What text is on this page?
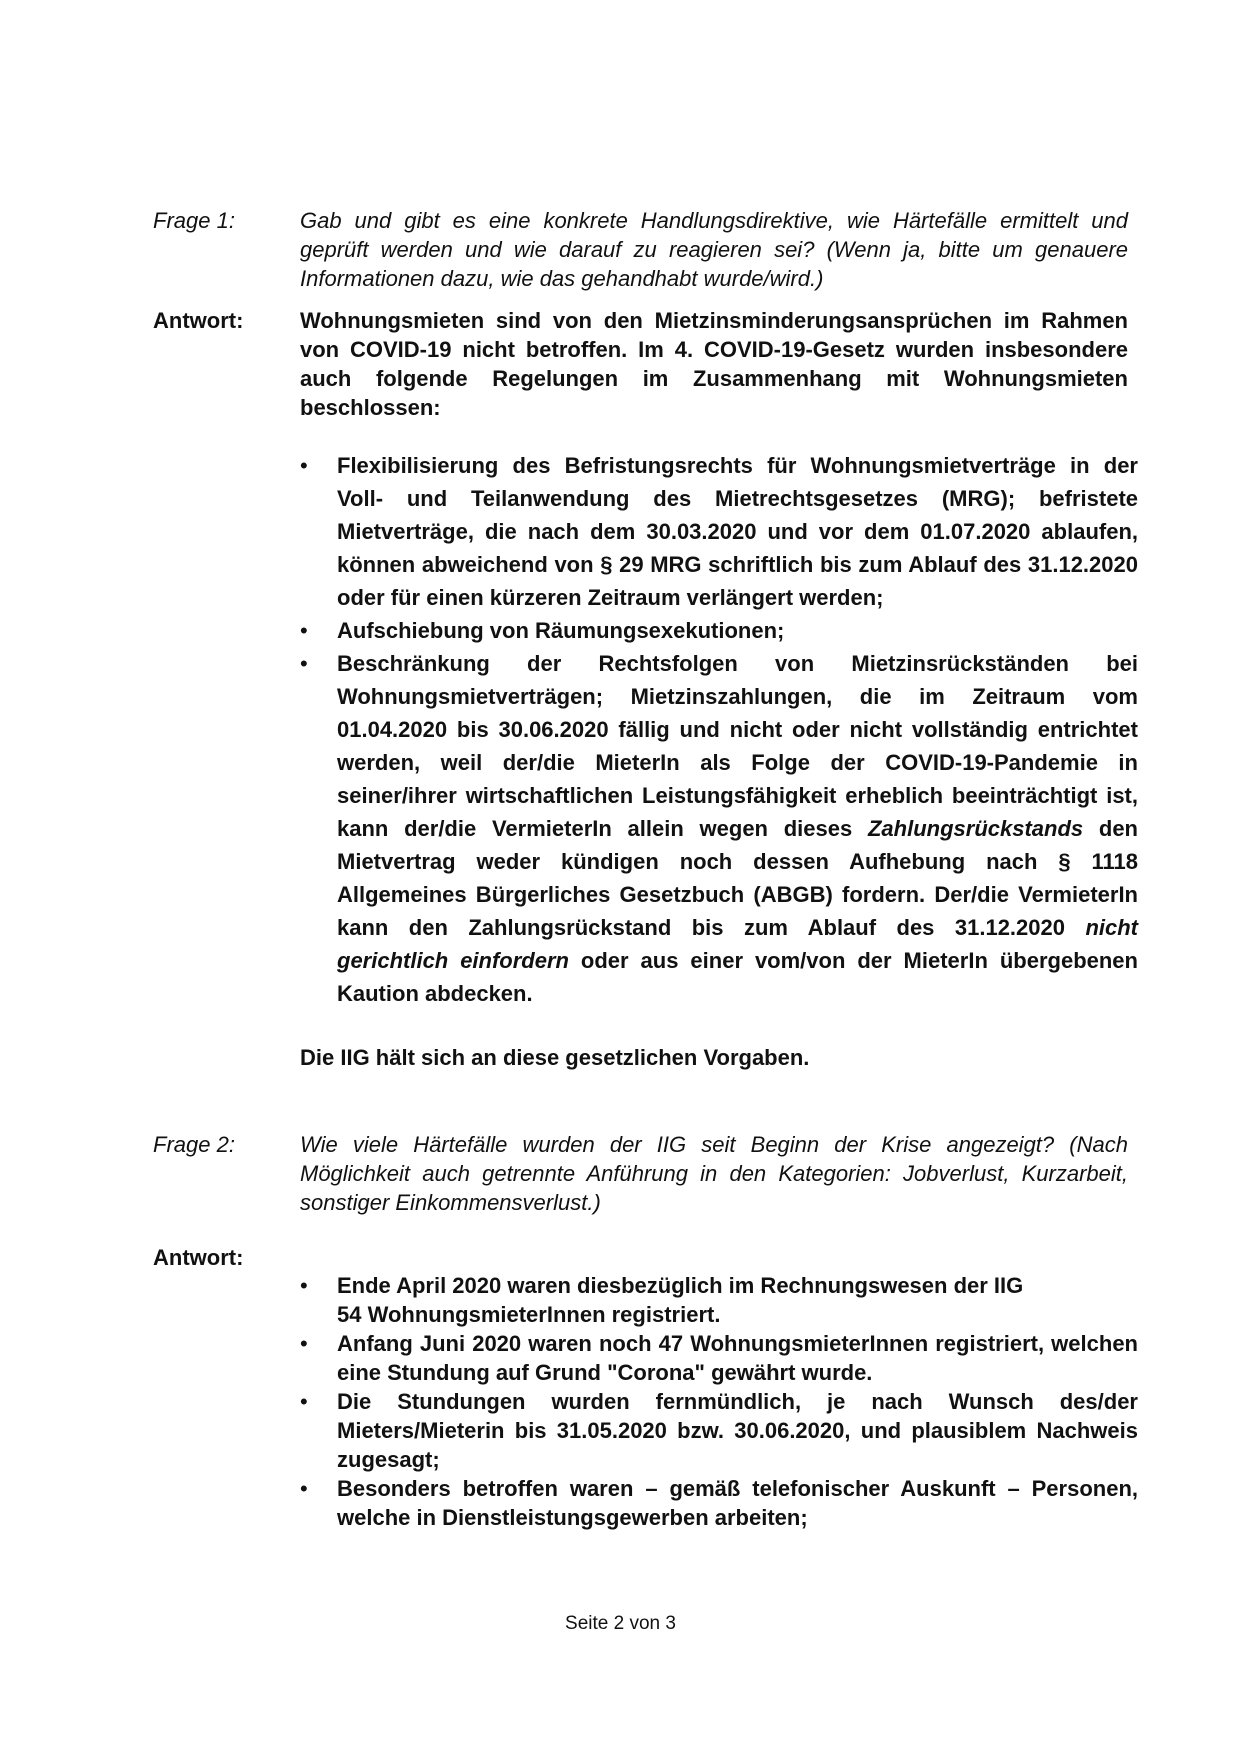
Frage 1:	Gab und gibt es eine konkrete Handlungsdirektive, wie Härtefälle ermittelt und geprüft werden und wie darauf zu reagieren sei? (Wenn ja, bitte um genauere Informationen dazu, wie das gehandhabt wurde/wird.)
Antwort:	Wohnungsmieten sind von den Mietzinsminderungsansprüchen im Rahmen von COVID-19 nicht betroffen. Im 4. COVID-19-Gesetz wurden insbesondere auch folgende Regelungen im Zusammenhang mit Wohnungsmieten beschlossen:
• Flexibilisierung des Befristungsrechts für Wohnungsmietverträge in der Voll- und Teilanwendung des Mietrechtsgesetzes (MRG); befristete Mietverträge, die nach dem 30.03.2020 und vor dem 01.07.2020 ablaufen, können abweichend von § 29 MRG schriftlich bis zum Ablauf des 31.12.2020 oder für einen kürzeren Zeitraum verlängert werden;
• Aufschiebung von Räumungsexekutionen;
• Beschränkung der Rechtsfolgen von Mietzinsrückständen bei Wohnungsmietverträgen; Mietzinszahlungen, die im Zeitraum vom 01.04.2020 bis 30.06.2020 fällig und nicht oder nicht vollständig entrichtet werden, weil der/die MieterIn als Folge der COVID-19-Pandemie in seiner/ihrer wirtschaftlichen Leistungsfähigkeit erheblich beeinträchtigt ist, kann der/die VermieterIn allein wegen dieses Zahlungsrückstands den Mietvertrag weder kündigen noch dessen Aufhebung nach § 1118 Allgemeines Bürgerliches Gesetzbuch (ABGB) fordern. Der/die VermieterIn kann den Zahlungsrückstand bis zum Ablauf des 31.12.2020 nicht gerichtlich einfordern oder aus einer vom/von der MieterIn übergebenen Kaution abdecken.
Die IIG hält sich an diese gesetzlichen Vorgaben.
Frage 2:	Wie viele Härtefälle wurden der IIG seit Beginn der Krise angezeigt? (Nach Möglichkeit auch getrennte Anführung in den Kategorien: Jobverlust, Kurzarbeit, sonstiger Einkommensverlust.)
Antwort:
• Ende April 2020 waren diesbezüglich im Rechnungswesen der IIG
54 WohnungsmieterInnen registriert.
• Anfang Juni 2020 waren noch 47 WohnungsmieterInnen registriert, welchen eine Stundung auf Grund "Corona" gewährt wurde.
• Die Stundungen wurden fernmündlich, je nach Wunsch des/der Mieters/Mieterin bis 31.05.2020 bzw. 30.06.2020, und plausiblem Nachweis zugesagt;
• Besonders betroffen waren – gemäß telefonischer Auskunft – Personen, welche in Dienstleistungsgewerben arbeiten;
Seite 2 von 3
